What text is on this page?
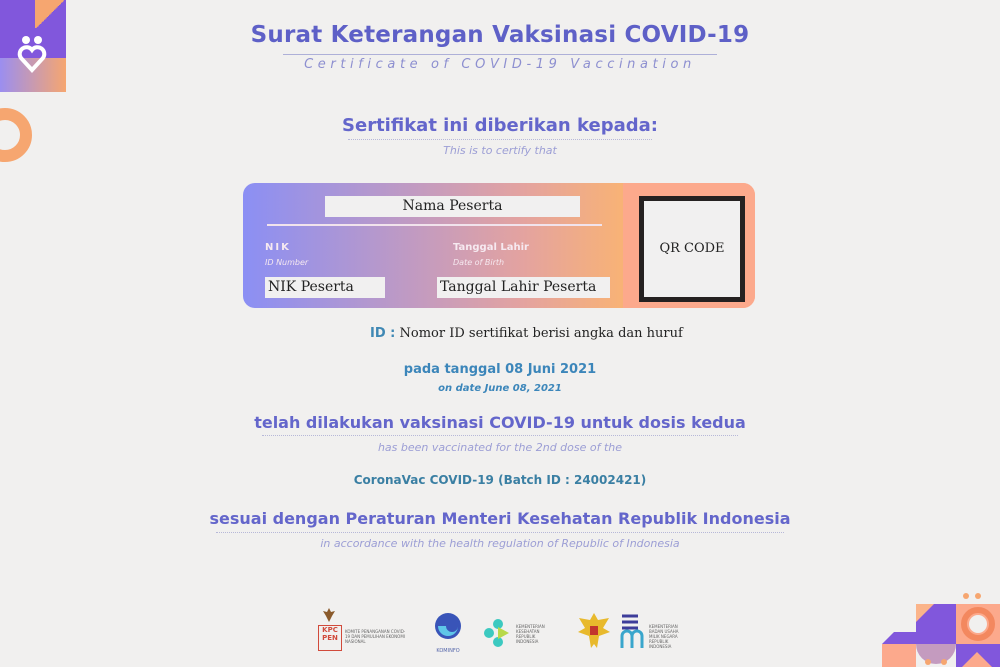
Surat Keterangan Vaksinasi COVID-19
Certificate of COVID-19 Vaccination
Sertifikat ini diberikan kepada:
This is to certify that
Nama Peserta
NIK
ID Number
NIK Peserta
Tanggal Lahir
Date of Birth
Tanggal Lahir Peserta
QR CODE
ID : Nomor ID sertifikat berisi angka dan huruf
pada tanggal 08 Juni 2021
on date June 08, 2021
telah dilakukan vaksinasi COVID-19 untuk dosis kedua
has been vaccinated for the 2nd dose of the
CoronaVac COVID-19 (Batch ID : 24002421)
sesuai dengan Peraturan Menteri Kesehatan Republik Indonesia
in accordance with the health regulation of Republic of Indonesia
KPC PEN
KOMITE PENANGANAN COVID-19 DAN PEMULIHAN EKONOMI NASIONAL
KOMINFO
KEMENTERIAN KESEHATAN REPUBLIK INDONESIA
KEMENTERIAN BADAN USAHA MILIK NEGARA REPUBLIK INDONESIA
